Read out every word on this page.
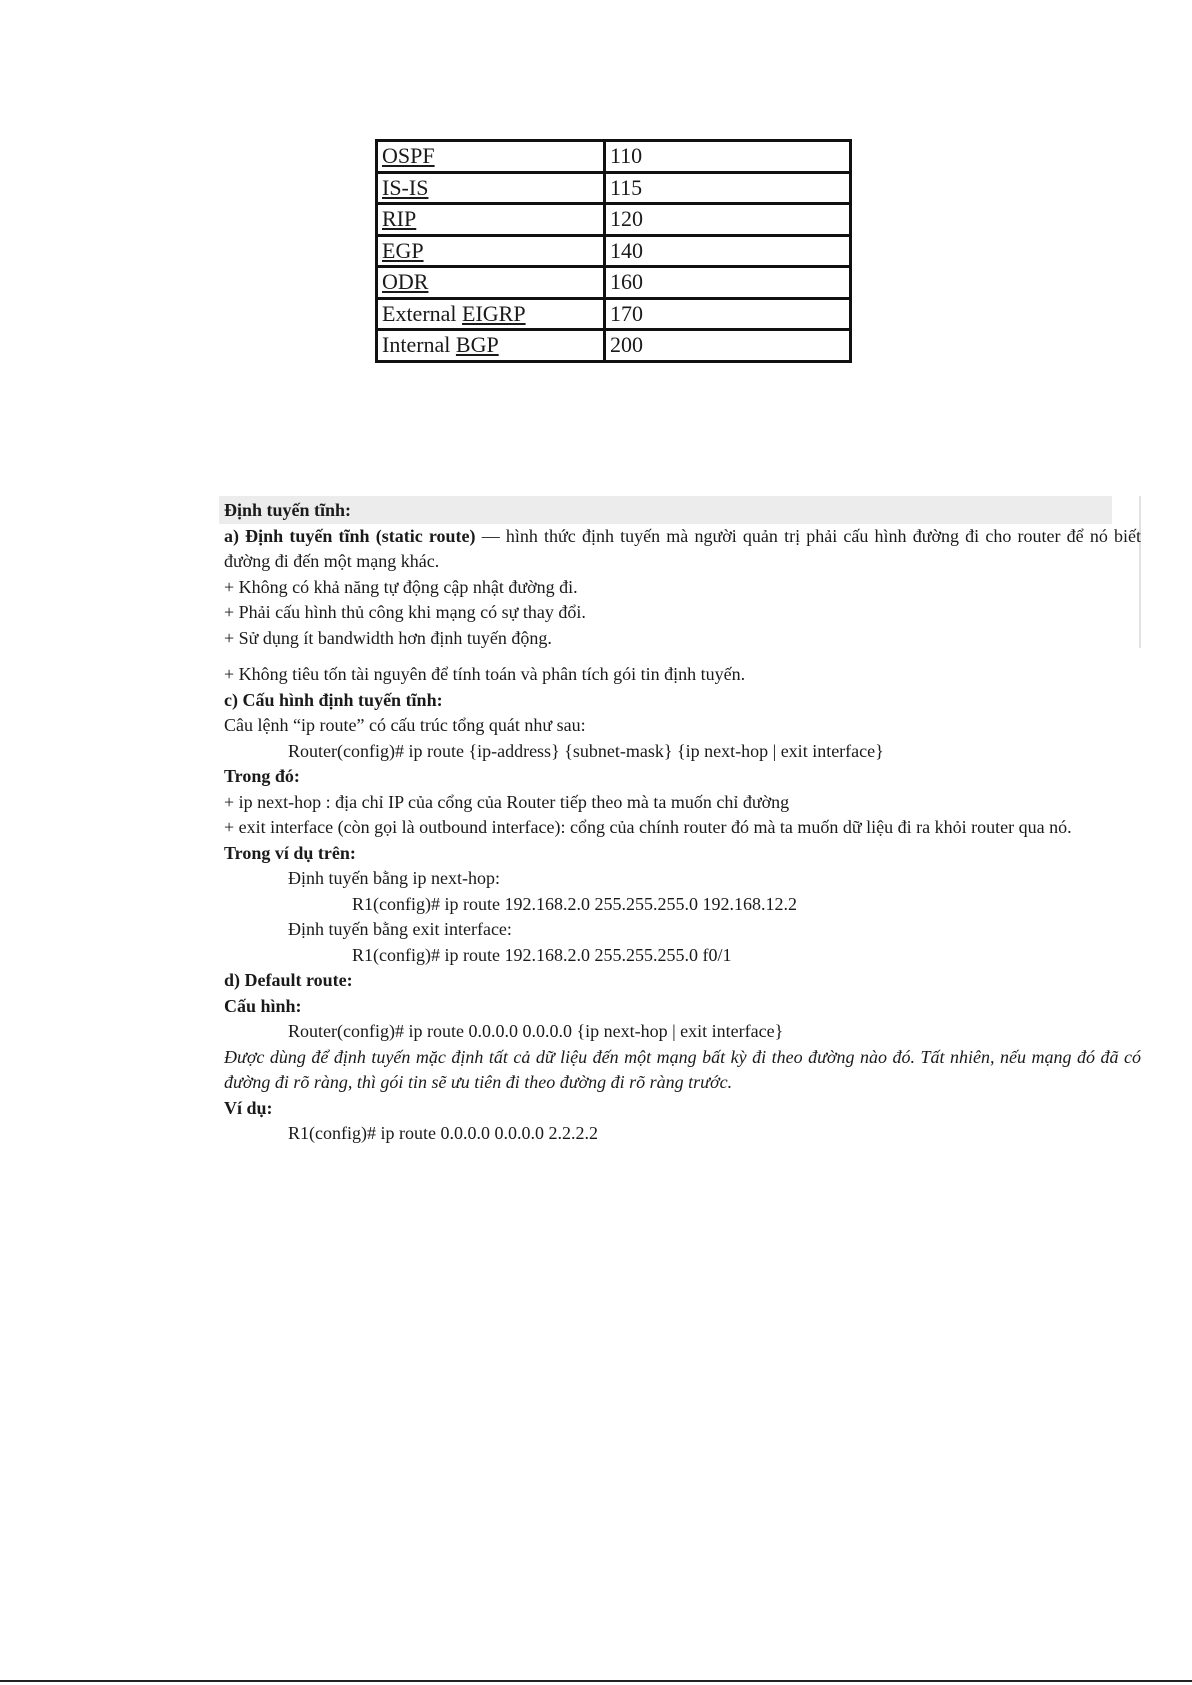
OSPF	110
IS-IS	115
RIP	120
EGP	140
ODR	160
External EIGRP	170
Internal BGP	200

Định tuyến tĩnh:

a) Định tuyến tĩnh (static route) — hình thức định tuyến mà người quản trị phải cấu hình đường đi cho router để nó biết đường đi đến một mạng khác.

+ Không có khả năng tự động cập nhật đường đi.

+ Phải cấu hình thủ công khi mạng có sự thay đổi.

+ Sử dụng ít bandwidth hơn định tuyến động.

+ Không tiêu tốn tài nguyên để tính toán và phân tích gói tin định tuyến.

c) Cấu hình định tuyến tĩnh:

Câu lệnh “ip route” có cấu trúc tổng quát như sau:

Router(config)# ip route {ip-address} {subnet-mask} {ip next-hop | exit interface}

Trong đó:

+ ip next-hop : địa chỉ IP của cổng của Router tiếp theo mà ta muốn chỉ đường

+ exit interface (còn gọi là outbound interface): cổng của chính router đó mà ta muốn dữ liệu đi ra khỏi router qua nó.

Trong ví dụ trên:

Định tuyến bằng ip next-hop:

R1(config)# ip route 192.168.2.0 255.255.255.0 192.168.12.2

Định tuyến bằng exit interface:

R1(config)# ip route 192.168.2.0 255.255.255.0 f0/1

d) Default route:

Cấu hình:

Router(config)# ip route 0.0.0.0 0.0.0.0 {ip next-hop | exit interface}

Được dùng để định tuyến mặc định tất cả dữ liệu đến một mạng bất kỳ đi theo đường nào đó. Tất nhiên, nếu mạng đó đã có đường đi rõ ràng, thì gói tin sẽ ưu tiên đi theo đường đi rõ ràng trước.

Ví dụ:

R1(config)# ip route 0.0.0.0 0.0.0.0 2.2.2.2
